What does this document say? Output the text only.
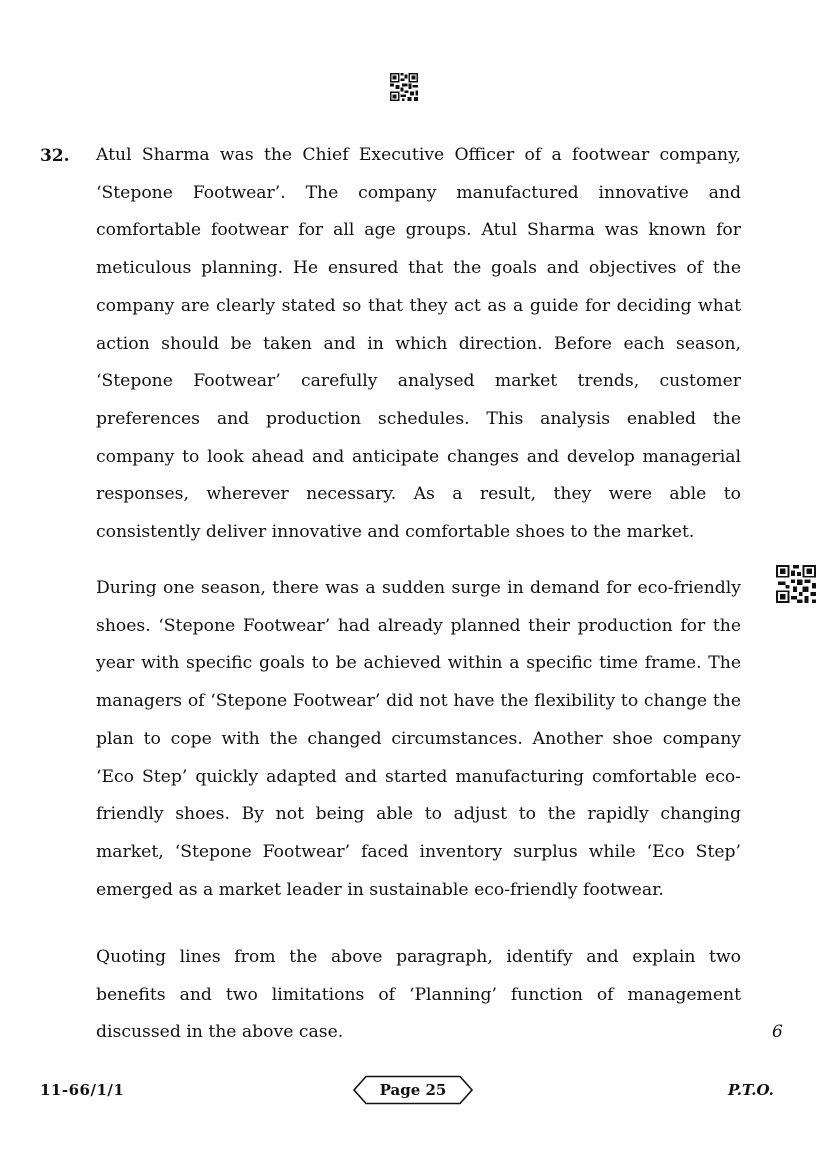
32. Atul Sharma was the Chief Executive Officer of a footwear company, ‘Stepone Footwear’. The company manufactured innovative and comfortable footwear for all age groups. Atul Sharma was known for meticulous planning. He ensured that the goals and objectives of the company are clearly stated so that they act as a guide for deciding what action should be taken and in which direction. Before each season, ‘Stepone Footwear’ carefully analysed market trends, customer preferences and production schedules. This analysis enabled the company to look ahead and anticipate changes and develop managerial responses, wherever necessary. As a result, they were able to consistently deliver innovative and comfortable shoes to the market.

During one season, there was a sudden surge in demand for eco-friendly shoes. ‘Stepone Footwear’ had already planned their production for the year with specific goals to be achieved within a specific time frame. The managers of ‘Stepone Footwear’ did not have the flexibility to change the plan to cope with the changed circumstances. Another shoe company ‘Eco Step’ quickly adapted and started manufacturing comfortable eco-friendly shoes. By not being able to adjust to the rapidly changing market, ‘Stepone Footwear’ faced inventory surplus while ‘Eco Step’ emerged as a market leader in sustainable eco-friendly footwear.

Quoting lines from the above paragraph, identify and explain two benefits and two limitations of ‘Planning’ function of management discussed in the above case.	6
11-66/1/1	Page 25	P.T.O.
